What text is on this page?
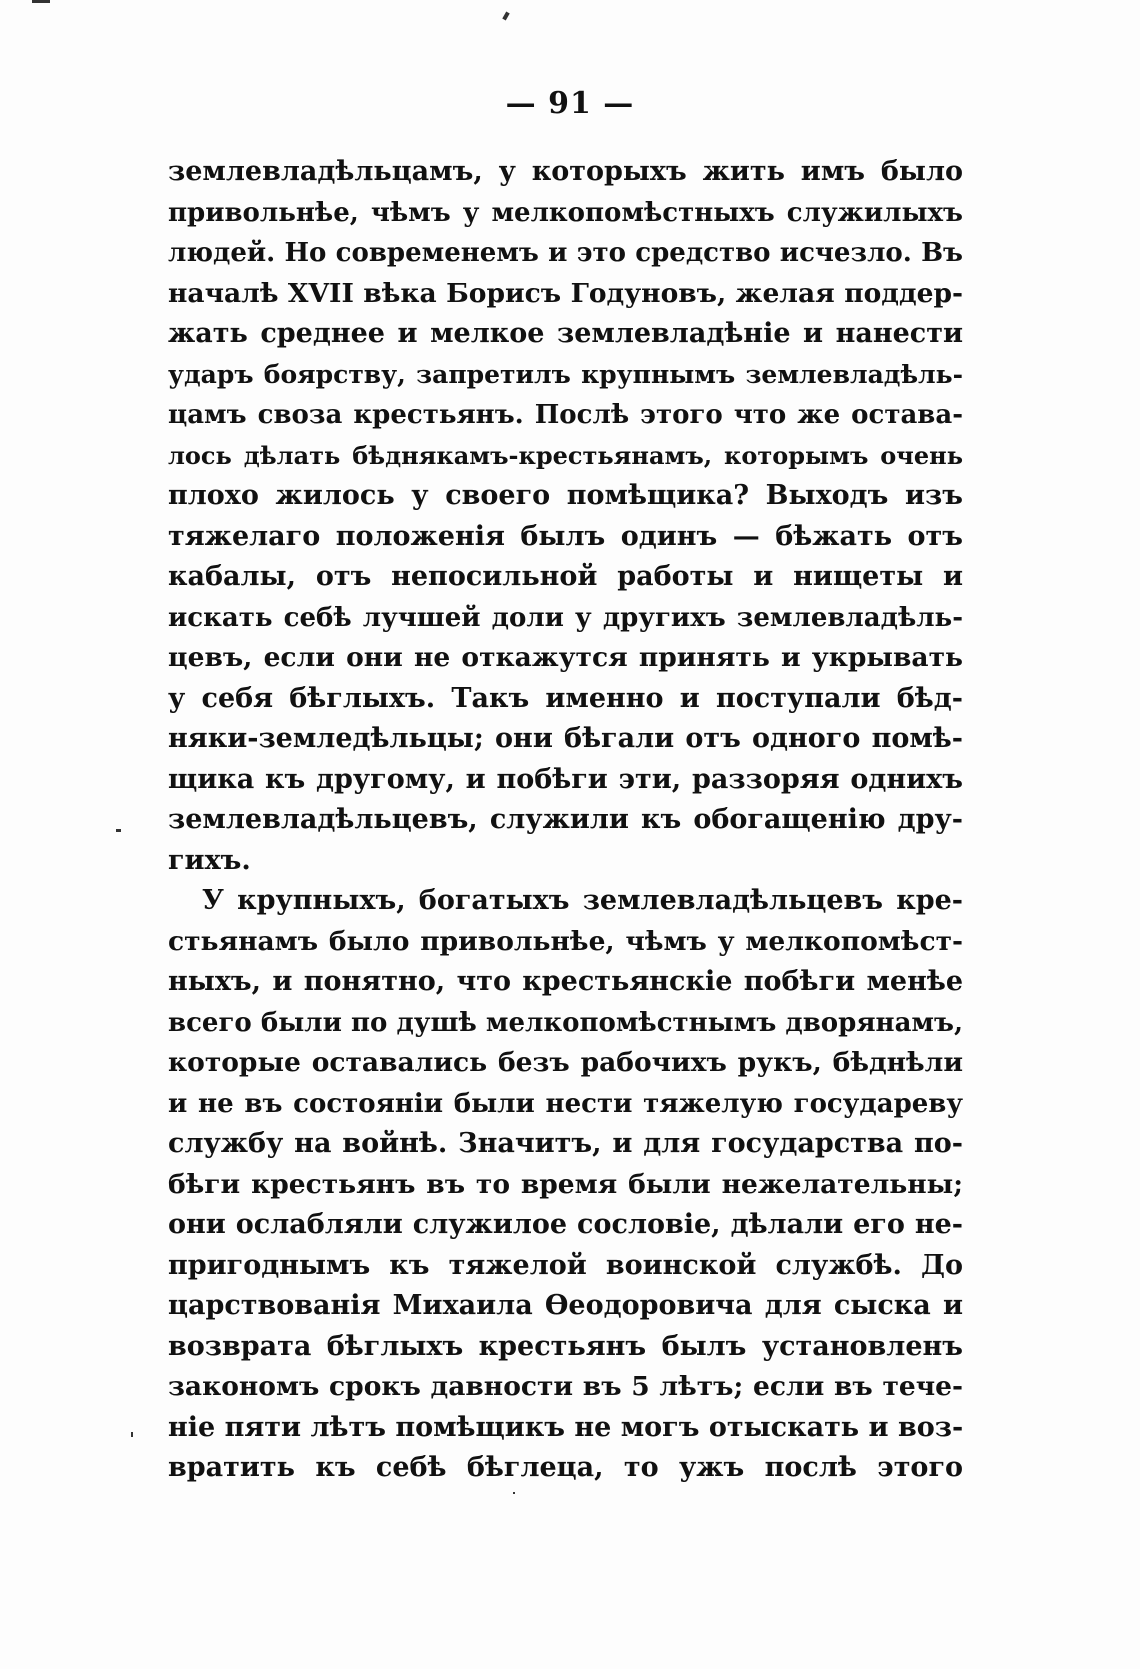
— 91 —
землевладѣльцамъ, у которыхъ жить имъ было
привольнѣе, чѣмъ у мелкопомѣстныхъ служилыхъ
людей. Но современемъ и это средство исчезло. Въ
началѣ XVII вѣка Борисъ Годуновъ, желая поддер-
жать среднее и мелкое землевладѣніе и нанести
ударъ боярству, запретилъ крупнымъ землевладѣль-
цамъ своза крестьянъ. Послѣ этого что же остава-
лось дѣлать бѣднякамъ-крестьянамъ, которымъ очень
плохо жилось у своего помѣщика? Выходъ изъ
тяжелаго положенія былъ одинъ — бѣжать отъ
кабалы, отъ непосильной работы и нищеты и
искать себѣ лучшей доли у другихъ землевладѣль-
цевъ, если они не откажутся принять и укрывать
у себя бѣглыхъ. Такъ именно и поступали бѣд-
няки-земледѣльцы; они бѣгали отъ одного помѣ-
щика къ другому, и побѣги эти, раззоряя однихъ
землевладѣльцевъ, служили къ обогащенію дру-
гихъ.
У крупныхъ, богатыхъ землевладѣльцевъ кре-
стьянамъ было привольнѣе, чѣмъ у мелкопомѣст-
ныхъ, и понятно, что крестьянскіе побѣги менѣе
всего были по душѣ мелкопомѣстнымъ дворянамъ,
которые оставались безъ рабочихъ рукъ, бѣднѣли
и не въ состояніи были нести тяжелую государеву
службу на войнѣ. Значитъ, и для государства по-
бѣги крестьянъ въ то время были нежелательны;
они ослабляли служилое сословіе, дѣлали его не-
пригоднымъ къ тяжелой воинской службѣ. До
царствованія Михаила Ѳеодоровича для сыска и
возврата бѣглыхъ крестьянъ былъ установленъ
закономъ срокъ давности въ 5 лѣтъ; если въ тече-
ніе пяти лѣтъ помѣщикъ не могъ отыскать и воз-
вратить къ себѣ бѣглеца, то ужъ послѣ этого
